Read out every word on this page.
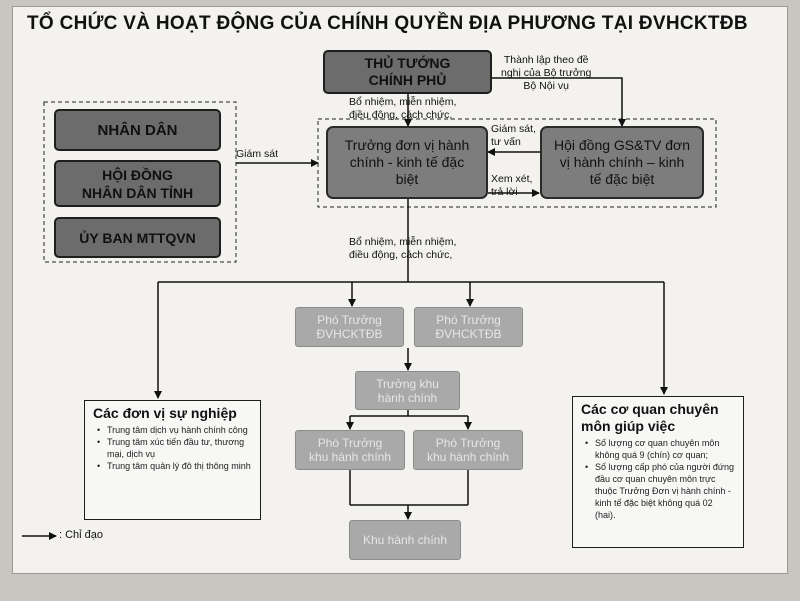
TỔ CHỨC VÀ HOẠT ĐỘNG CỦA CHÍNH QUYỀN ĐỊA PHƯƠNG TẠI ĐVHCKTĐB
THỦ TƯỚNG
CHÍNH PHỦ
NHÂN DÂN
HỘI ĐỒNG
NHÂN DÂN TỈNH
ỦY BAN MTTQVN
Trưởng đơn vị hành
chính - kinh tế đặc
biệt
Hội đồng GS&TV đơn
vị hành chính – kinh
tế đặc biệt
Phó Trưởng
ĐVHCKTĐB
Phó Trưởng
ĐVHCKTĐB
Trưởng khu
hành chính
Phó Trưởng
khu hành chính
Phó Trưởng
khu hành chính
Khu hành chính
Thành lập theo đề
nghị của Bộ trưởng
Bộ Nội vụ
Bổ nhiệm, miễn nhiệm,
điều động, cách chức,
Giám sát
Giám sát,
tư vấn
Xem xét,
trả lời
Bổ nhiệm, miễn nhiệm,
điều động, cách chức,
Các đơn vị sự nghiệp
• Trung tâm dịch vụ hành chính công
• Trung tâm xúc tiến đầu tư, thương mại, dịch vụ
• Trung tâm quản lý đô thị thông minh
Các cơ quan chuyên
môn giúp việc
• Số lượng cơ quan chuyên môn không quá 9 (chín) cơ quan;
• Số lượng cấp phó của người đứng đầu cơ quan chuyên môn trực thuộc Trưởng Đơn vị hành chính - kinh tế đặc biệt không quá 02 (hai).
: Chỉ đạo
